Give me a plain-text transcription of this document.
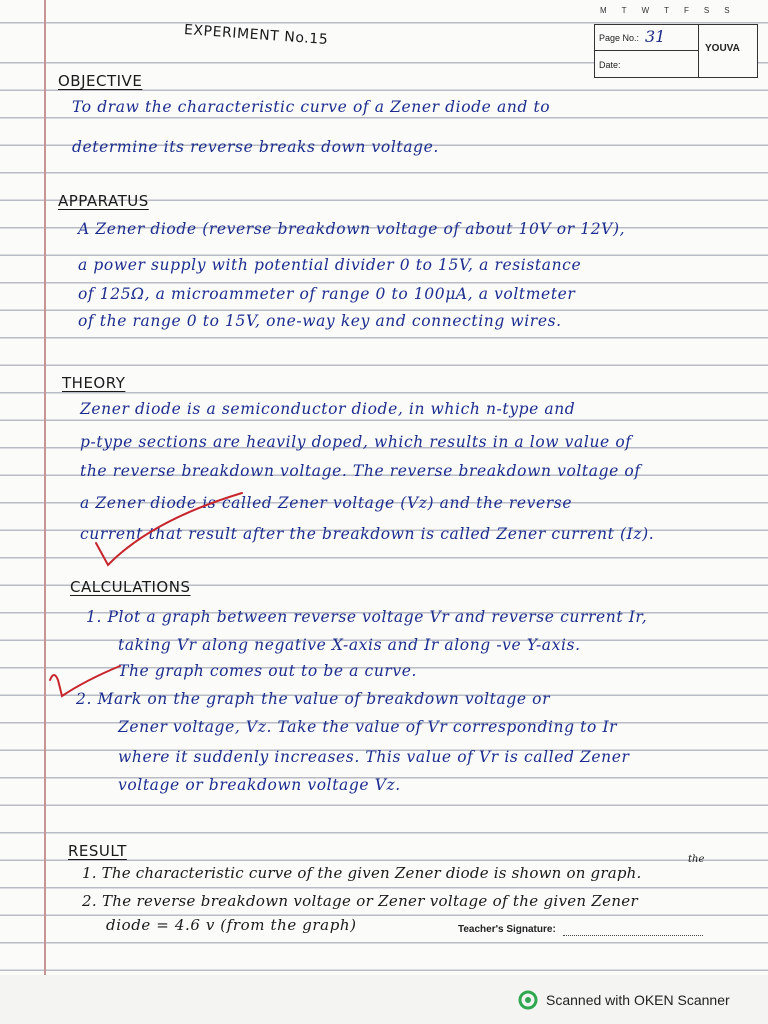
M T W T F S S
Page No.: 31
Date:
YOUVA
EXPERIMENT No.15
OBJECTIVE
To draw the characteristic curve of a Zener diode and to
determine its reverse breaks down voltage.
APPARATUS
A Zener diode (reverse breakdown voltage of about 10V or 12V),
a power supply with potential divider 0 to 15V, a resistance
of 125Ω, a microammeter of range 0 to 100μA, a voltmeter
of the range 0 to 15V, one-way key and connecting wires.
THEORY
Zener diode is a semiconductor diode, in which n-type and
p-type sections are heavily doped, which results in a low value of
the reverse breakdown voltage. The reverse breakdown voltage of
a Zener diode is called Zener voltage (Vz) and the reverse
current that result after the breakdown is called Zener current (Iz).
CALCULATIONS
1. Plot a graph between reverse voltage Vr and reverse current Ir,
taking Vr along negative X-axis and Ir along -ve Y-axis.
The graph comes out to be a curve.
2. Mark on the graph the value of breakdown voltage or
Zener voltage, Vz. Take the value of Vr corresponding to Ir
where it suddenly increases. This value of Vr is called Zener
voltage or breakdown voltage Vz.
RESULT	the
1. The characteristic curve of the given Zener diode is shown on graph.
2. The reverse breakdown voltage or Zener voltage of the given Zener
diode = 4.6 v (from the graph)	Teacher's Signature:
Scanned with OKEN Scanner
